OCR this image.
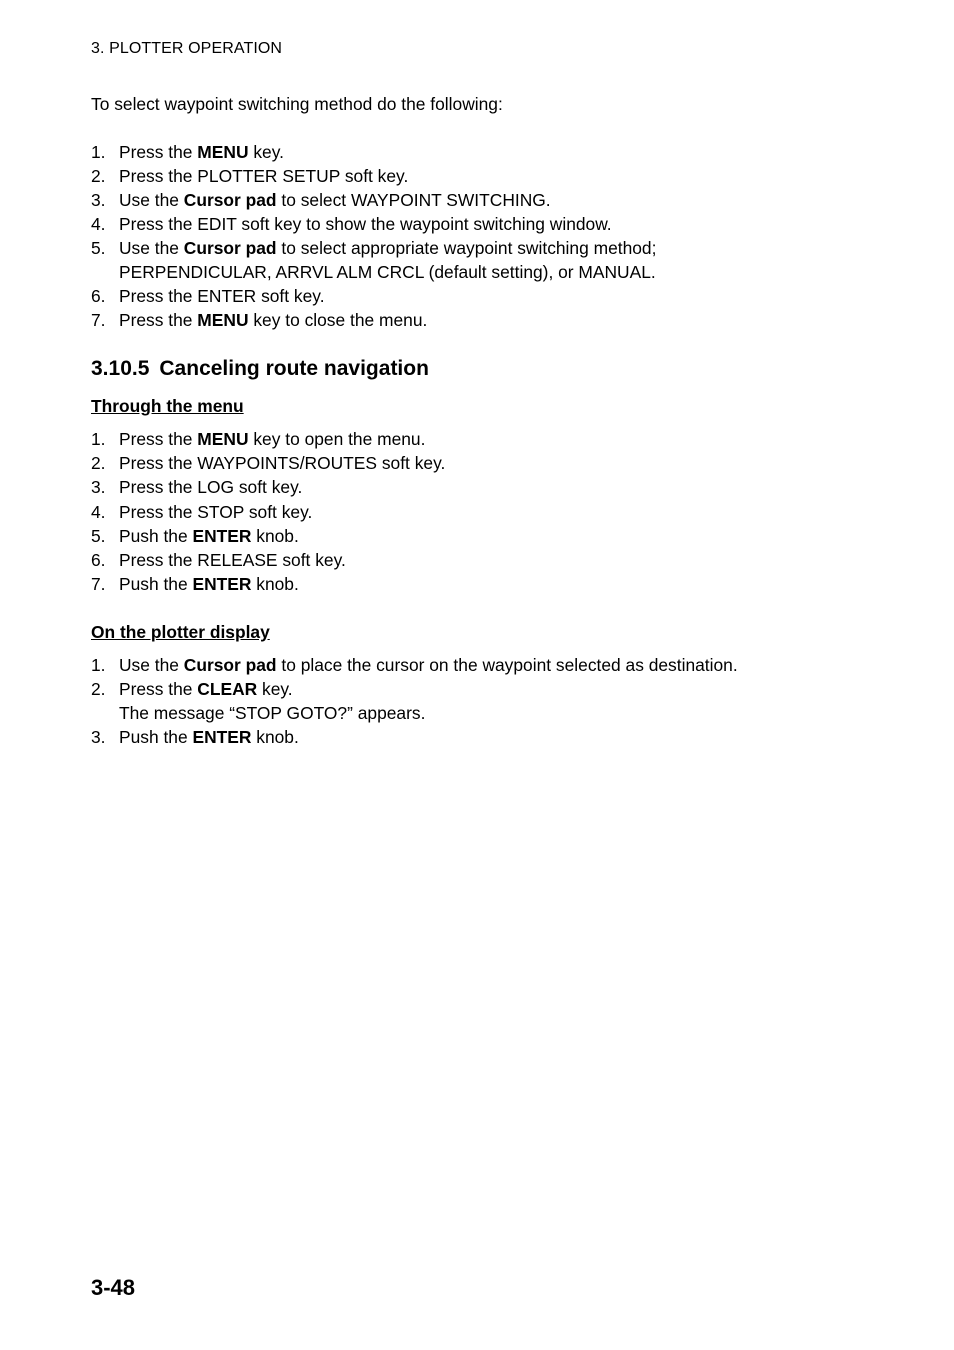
3. PLOTTER OPERATION
To select waypoint switching method do the following:
1. Press the MENU key.
2. Press the PLOTTER SETUP soft key.
3. Use the Cursor pad to select WAYPOINT SWITCHING.
4. Press the EDIT soft key to show the waypoint switching window.
5. Use the Cursor pad to select appropriate waypoint switching method;
PERPENDICULAR, ARRVL ALM CRCL (default setting), or MANUAL.
6. Press the ENTER soft key.
7. Press the MENU key to close the menu.
3.10.5 Canceling route navigation
Through the menu
1. Press the MENU key to open the menu.
2. Press the WAYPOINTS/ROUTES soft key.
3. Press the LOG soft key.
4. Press the STOP soft key.
5. Push the ENTER knob.
6. Press the RELEASE soft key.
7. Push the ENTER knob.
On the plotter display
1. Use the Cursor pad to place the cursor on the waypoint selected as destination.
2. Press the CLEAR key.
The message “STOP GOTO?” appears.
3. Push the ENTER knob.
3-48
